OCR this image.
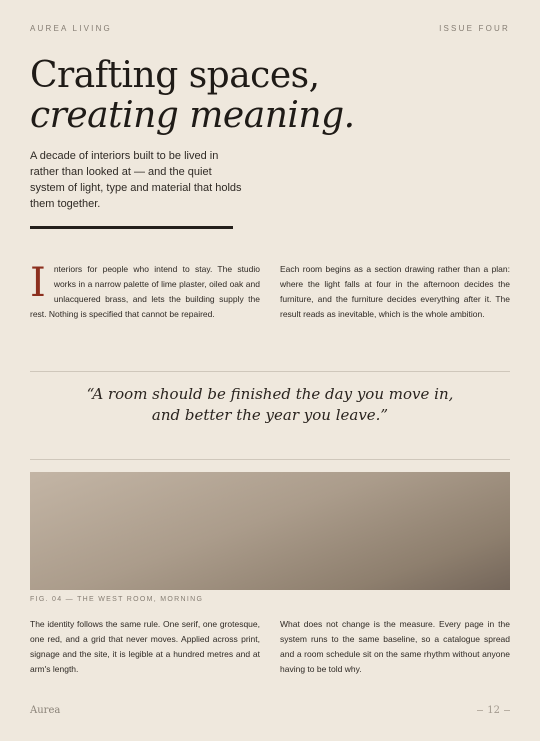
AUREA LIVING	ISSUE FOUR
Crafting spaces,
creating meaning.

A decade of interiors built to be lived in rather than looked at — and the quiet system of light, type and material that holds them together.

Interiors for people who intend to stay. The studio works in a narrow palette of lime plaster, oiled oak and unlacquered brass, and lets the building supply the rest. Nothing is specified that cannot be repaired.

Each room begins as a section drawing rather than a plan: where the light falls at four in the afternoon decides the furniture, and the furniture decides everything after it. The result reads as inevitable, which is the whole ambition.

“A room should be finished the day you move in,
and better the year you leave.”

FIG. 04 — THE WEST ROOM, MORNING

The identity follows the same rule. One serif, one grotesque, one red, and a grid that never moves. Applied across print, signage and the site, it is legible at a hundred metres and at arm's length.

What does not change is the measure. Every page in the system runs to the same baseline, so a catalogue spread and a room schedule sit on the same rhythm without anyone having to be told why.

Aurea	12
